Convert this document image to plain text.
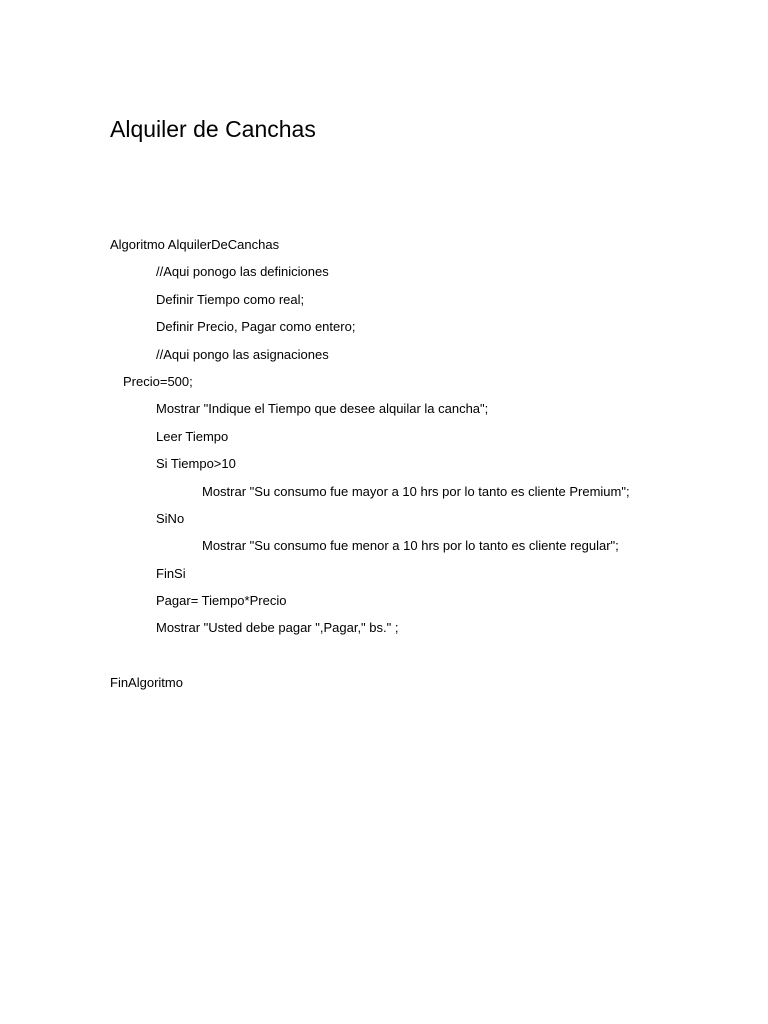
Alquiler de Canchas
Algoritmo AlquilerDeCanchas
//Aqui ponogo las definiciones
Definir Tiempo como real;
Definir Precio, Pagar como entero;
//Aqui pongo las asignaciones
Precio=500;
Mostrar "Indique el Tiempo que desee alquilar la cancha";
Leer Tiempo
Si Tiempo>10
Mostrar "Su consumo fue mayor a 10 hrs por lo tanto es cliente Premium";
SiNo
Mostrar "Su consumo fue menor a 10 hrs por lo tanto es cliente regular";
FinSi
Pagar= Tiempo*Precio
Mostrar "Usted debe pagar ",Pagar," bs." ;
FinAlgoritmo
